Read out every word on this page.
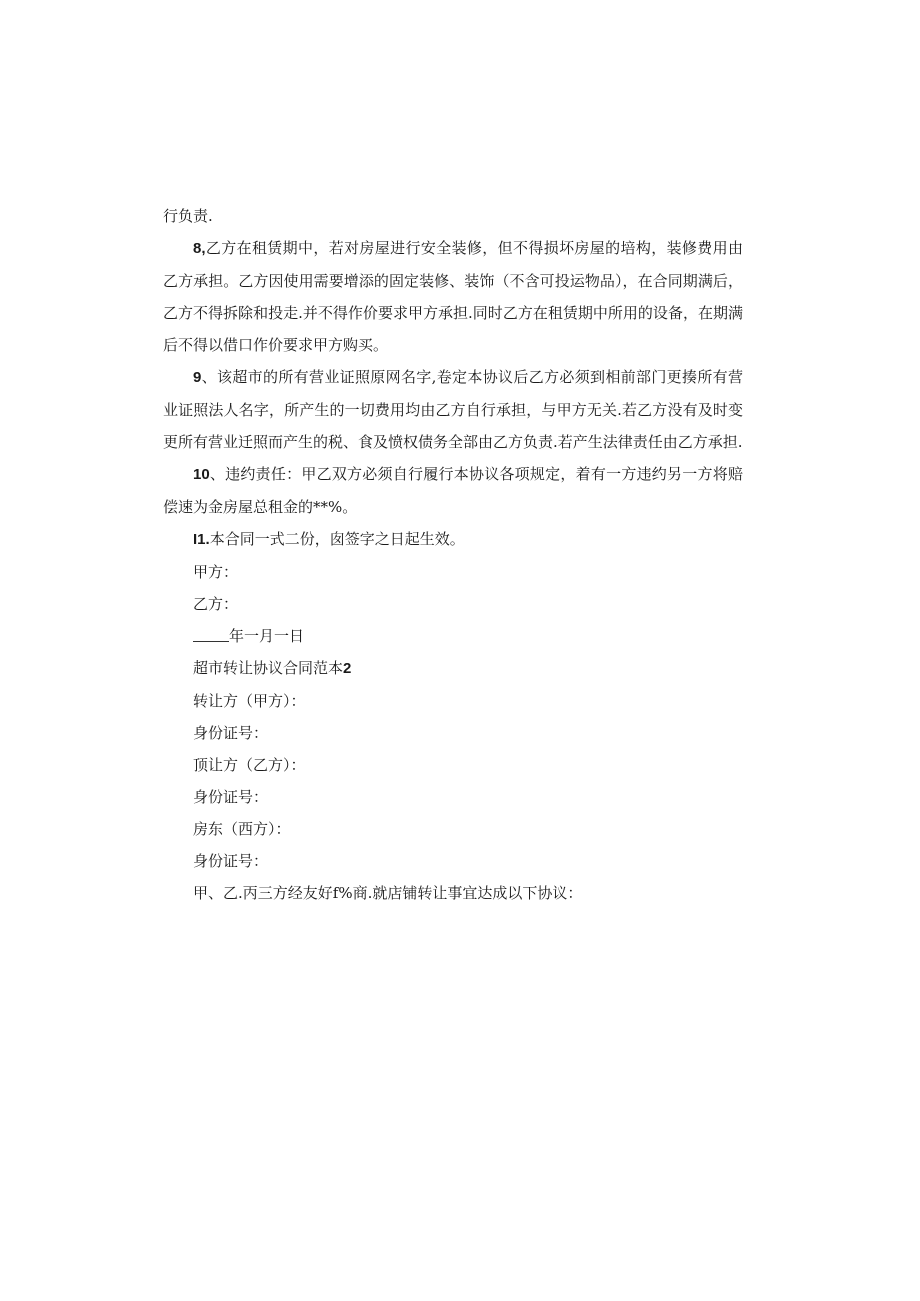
行负责.

8,乙方在租赁期中，若对房屋进行安全装修，但不得损坏房屋的培构，装修费用由乙方承担。乙方因使用需要增添的固定装修、装饰（不含可投运物品），在合同期满后，乙方不得拆除和投走.并不得作价要求甲方承担.同时乙方在租赁期中所用的设备，在期满后不得以借口作价要求甲方购买。

9、该超市的所有营业证照原网名字,卷定本协议后乙方必须到相前部门更揍所有营业证照法人名字，所产生的一切费用均由乙方自行承担，与甲方无关.若乙方没有及时变更所有营业迁照而产生的税、食及愤权债务全部由乙方负责.若产生法律责任由乙方承担.

10、违约责任：甲乙双方必须自行履行本协议各项规定，着有一方违约另一方将赔偿速为金房屋总租金的**%。

I1.本合同一式二份，囱签字之日起生效。

甲方：

乙方：

年一月一日

超市转让协议合同范本2

转让方（甲方）：

身份证号：

顶让方（乙方）：

身份证号：

房东（西方）：

身份证号：

甲、乙.丙三方经友好f%商.就店铺转让事宜达成以下协议：
